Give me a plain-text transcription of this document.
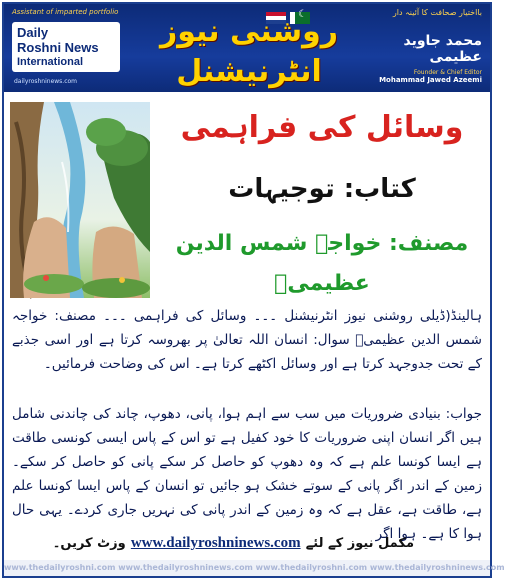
Assistant of imparted portfolio
Daily
Roshni News
International
dailyroshninews.com
☾
روشنی نیوز انٹرنیشنل
DAILY ROSHNI NEWS INTERNATIONAL
بااختیار صحافت کا آئینہ دار
محمد جاوید عظیمی
Founder & Chief Editor
Mohammad Jawed Azeemi
وسائل کی فراہمی
کتاب: توجیہات
مصنف: خواجہ شمس الدین عظیمیؒ
ہالینڈ(ڈیلی روشنی نیوز انٹرنیشنل ۔۔۔ وسائل کی فراہمی ۔۔۔ مصنف: خواجہ شمس الدین عظیمیؒ سوال: انسان اللہ تعالیٰ پر بھروسہ کرتا ہے اور اسی جذبے کے تحت جدوجہد کرتا ہے اور وسائل اکٹھے کرتا ہے۔ اس کی وضاحت فرمائیں۔
جواب: بنیادی ضروریات میں سب سے اہم ہوا، پانی، دھوپ، چاند کی چاندنی شامل ہیں اگر انسان اپنی ضروریات کا خود کفیل ہے تو اس کے پاس ایسی کونسی طاقت ہے ایسا کونسا علم ہے کہ وہ دھوپ کو حاصل کر سکے پانی کو حاصل کر سکے۔ زمین کے اندر اگر پانی کے سوتے خشک ہو جائیں تو انسان کے پاس ایسا کونسا علم ہے، طاقت ہے، عقل ہے کہ وہ زمین کے اندر پانی کی نہریں جاری کردے۔ یہی حال ہوا کا ہے۔ ہوا اگر
مکمل نیوز کے لئے www.dailyroshninews.com وزٹ کریں۔
www.thedailyroshni.com www.thedailyroshninews.com www.thedailyroshni.com www.thedailyroshninews.com
